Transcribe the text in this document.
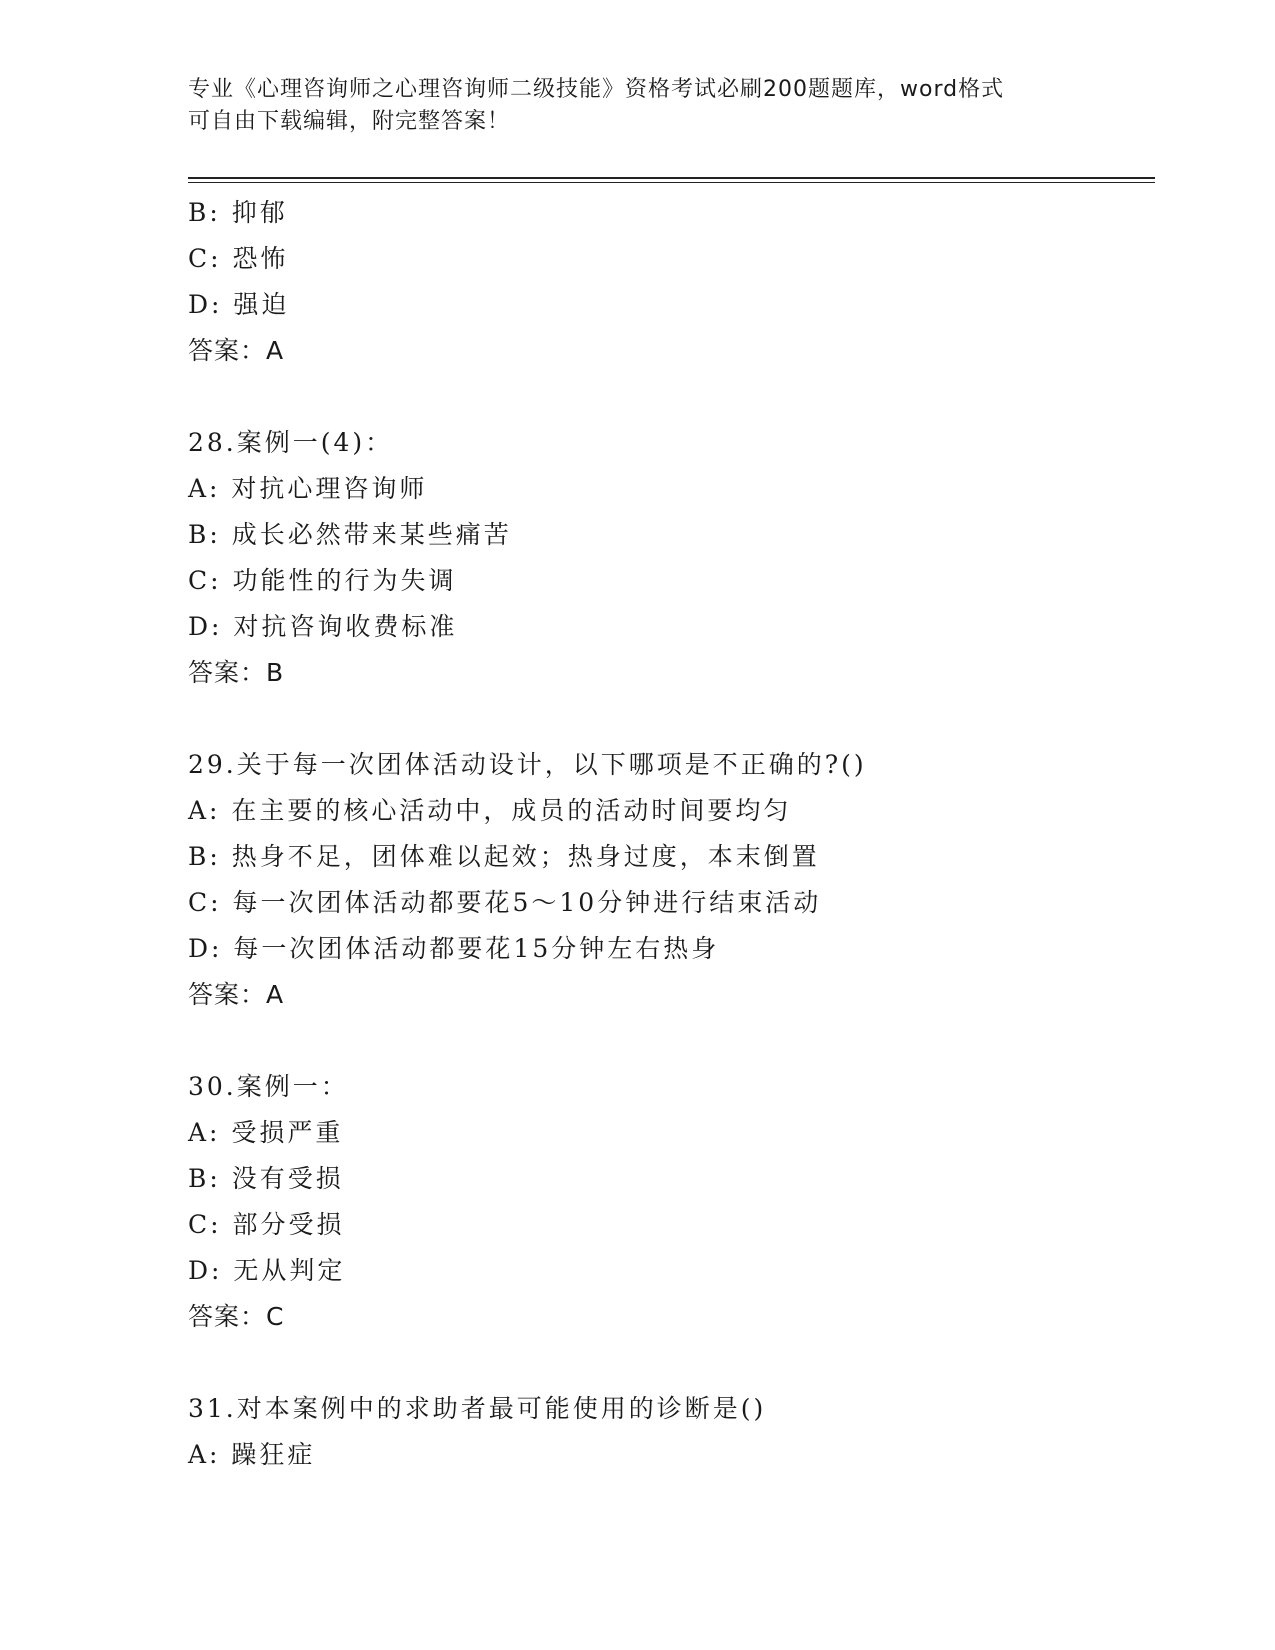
专业《心理咨询师之心理咨询师二级技能》资格考试必刷200题题库，word格式
可自由下载编辑，附完整答案！
B: 抑郁
C: 恐怖
D: 强迫
答案：A
28.案例一(4)：
A: 对抗心理咨询师
B: 成长必然带来某些痛苦
C: 功能性的行为失调
D: 对抗咨询收费标准
答案：B
29.关于每一次团体活动设计，以下哪项是不正确的?()
A: 在主要的核心活动中，成员的活动时间要均匀
B: 热身不足，团体难以起效；热身过度，本末倒置
C: 每一次团体活动都要花5～10分钟进行结束活动
D: 每一次团体活动都要花15分钟左右热身
答案：A
30.案例一：
A: 受损严重
B: 没有受损
C: 部分受损
D: 无从判定
答案：C
31.对本案例中的求助者最可能使用的诊断是()
A: 躁狂症
